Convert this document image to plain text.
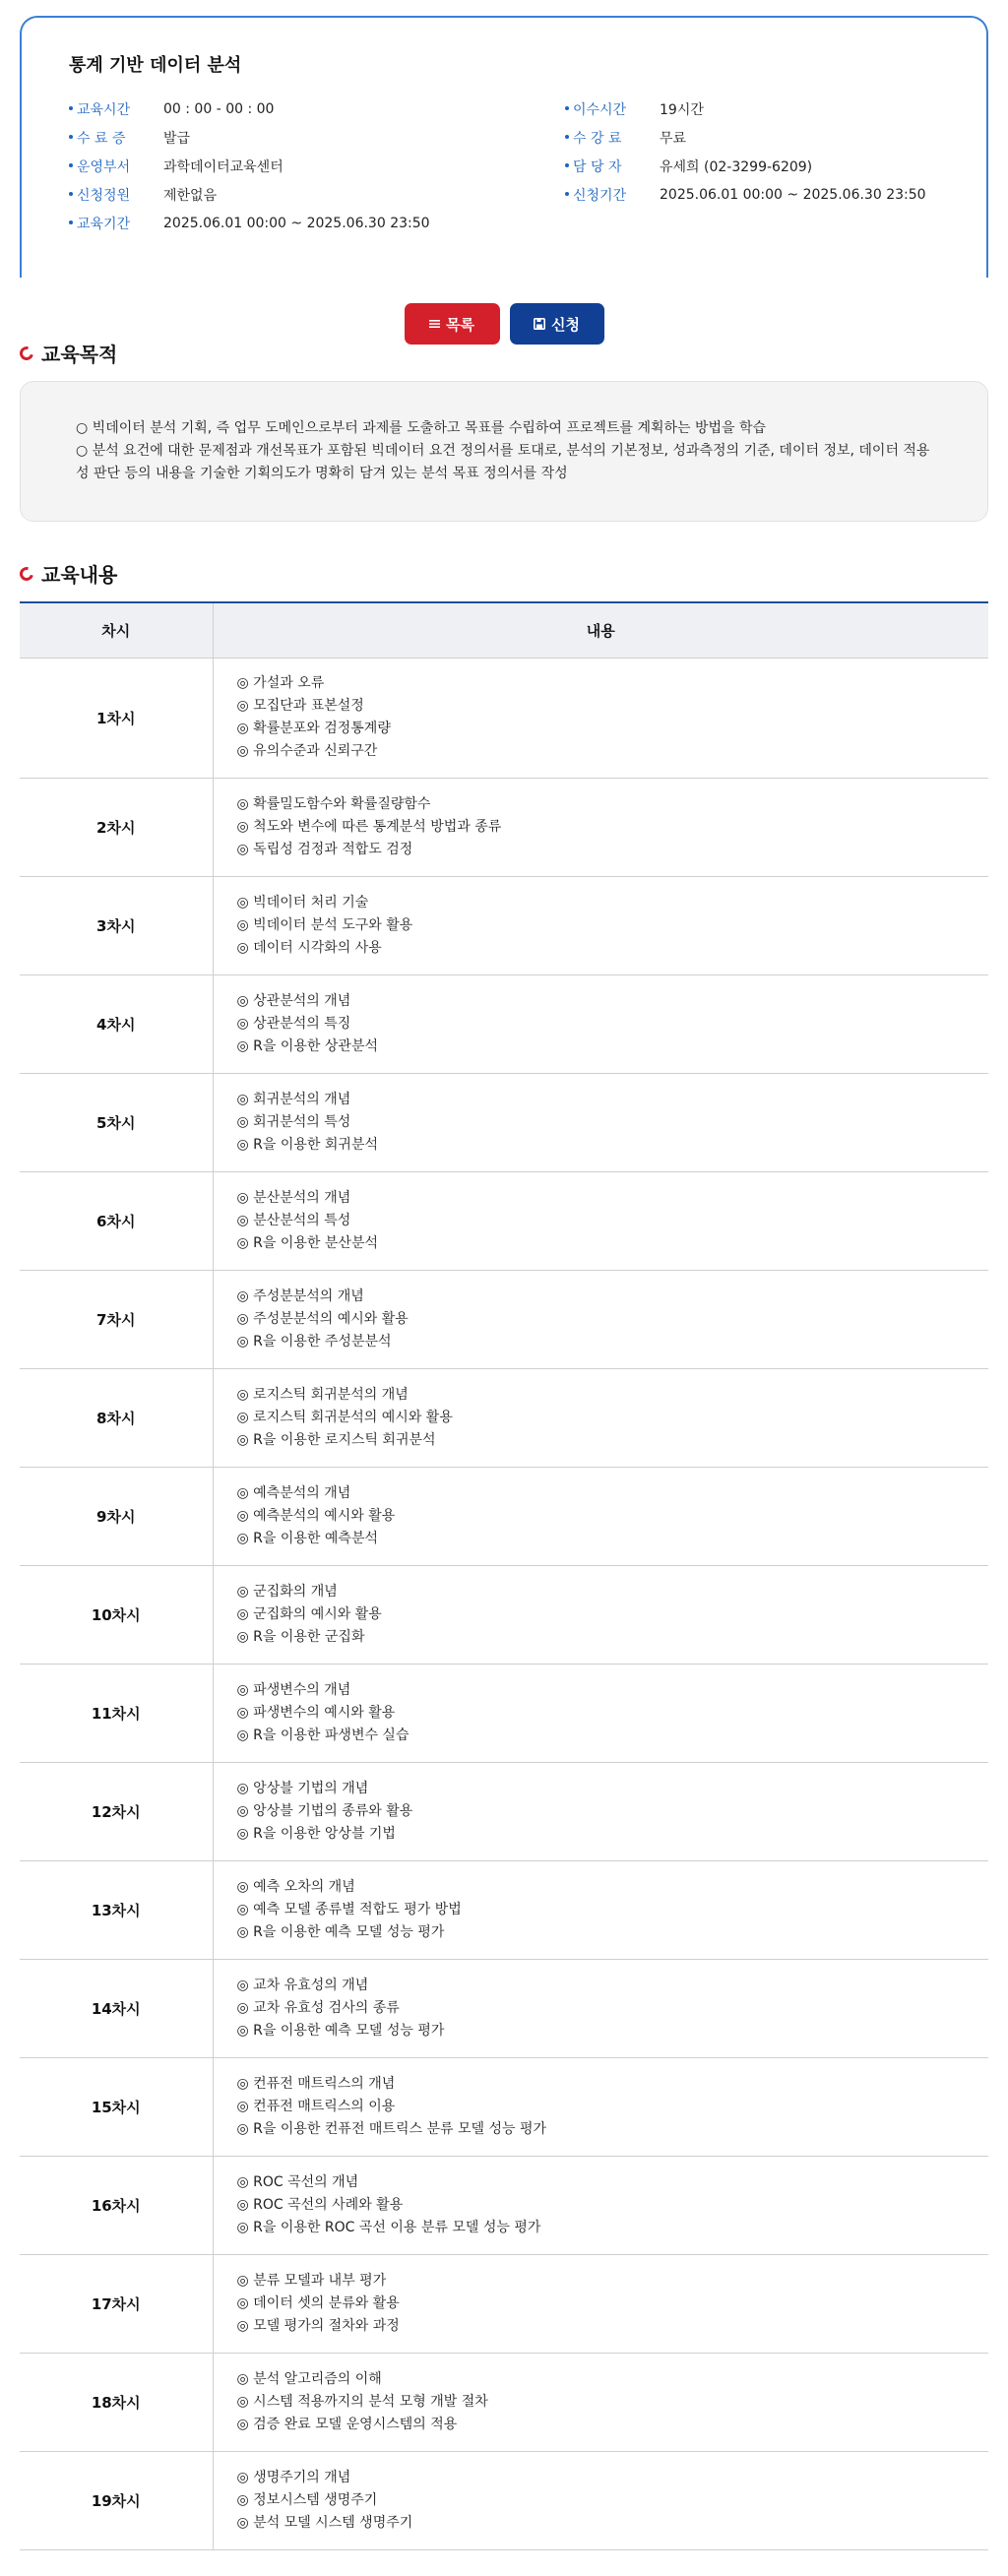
통계 기반 데이터 분석
교육시간	00 : 00 - 00 : 00
수 료 증	발급
운영부서	과학데이터교육센터
신청정원	제한없음
교육기간	2025.06.01 00:00 ~ 2025.06.30 23:50
이수시간	19시간
수 강 료	무료
담 당 자	유세희 (02-3299-6209)
신청기간	2025.06.01 00:00 ~ 2025.06.30 23:50
목록	신청
교육목적

○ 빅데이터 분석 기획, 즉 업무 도메인으로부터 과제를 도출하고 목표를 수립하여 프로젝트를 계획하는 방법을 학습

○ 분석 요건에 대한 문제점과 개선목표가 포함된 빅데이터 요건 정의서를 토대로, 분석의 기본정보, 성과측정의 기준, 데이터 정보, 데이터 적용성 판단 등의 내용을 기술한 기획의도가 명확히 담겨 있는 분석 목표 정의서를 작성

교육내용
차시	내용
1차시	◎ 가설과 오류
◎ 모집단과 표본설정
◎ 확률분포와 검정통계량
◎ 유의수준과 신뢰구간

2차시	◎ 확률밀도함수와 확률질량함수
◎ 척도와 변수에 따른 통계분석 방법과 종류
◎ 독립성 검정과 적합도 검정

3차시	◎ 빅데이터 처리 기술
◎ 빅데이터 분석 도구와 활용
◎ 데이터 시각화의 사용

4차시	◎ 상관분석의 개념
◎ 상관분석의 특징
◎ R을 이용한 상관분석

5차시	◎ 회귀분석의 개념
◎ 회귀분석의 특성
◎ R을 이용한 회귀분석

6차시	◎ 분산분석의 개념
◎ 분산분석의 특성
◎ R을 이용한 분산분석

7차시	◎ 주성분분석의 개념
◎ 주성분분석의 예시와 활용
◎ R을 이용한 주성분분석

8차시	◎ 로지스틱 회귀분석의 개념
◎ 로지스틱 회귀분석의 예시와 활용
◎ R을 이용한 로지스틱 회귀분석

9차시	◎ 예측분석의 개념
◎ 예측분석의 예시와 활용
◎ R을 이용한 예측분석

10차시	◎ 군집화의 개념
◎ 군집화의 예시와 활용
◎ R을 이용한 군집화

11차시	◎ 파생변수의 개념
◎ 파생변수의 예시와 활용
◎ R을 이용한 파생변수 실습

12차시	◎ 앙상블 기법의 개념
◎ 앙상블 기법의 종류와 활용
◎ R을 이용한 앙상블 기법

13차시	◎ 예측 오차의 개념
◎ 예측 모델 종류별 적합도 평가 방법
◎ R을 이용한 예측 모델 성능 평가

14차시	◎ 교차 유효성의 개념
◎ 교차 유효성 검사의 종류
◎ R을 이용한 예측 모델 성능 평가

15차시	◎ 컨퓨전 매트릭스의 개념
◎ 컨퓨전 매트릭스의 이용
◎ R을 이용한 컨퓨전 매트릭스 분류 모델 성능 평가

16차시	◎ ROC 곡선의 개념
◎ ROC 곡선의 사례와 활용
◎ R을 이용한 ROC 곡선 이용 분류 모델 성능 평가

17차시	◎ 분류 모델과 내부 평가
◎ 데이터 셋의 분류와 활용
◎ 모델 평가의 절차와 과정

18차시	◎ 분석 알고리즘의 이해
◎ 시스템 적용까지의 분석 모형 개발 절차
◎ 검증 완료 모델 운영시스템의 적용

19차시	◎ 생명주기의 개념
◎ 정보시스템 생명주기
◎ 분석 모델 시스템 생명주기
